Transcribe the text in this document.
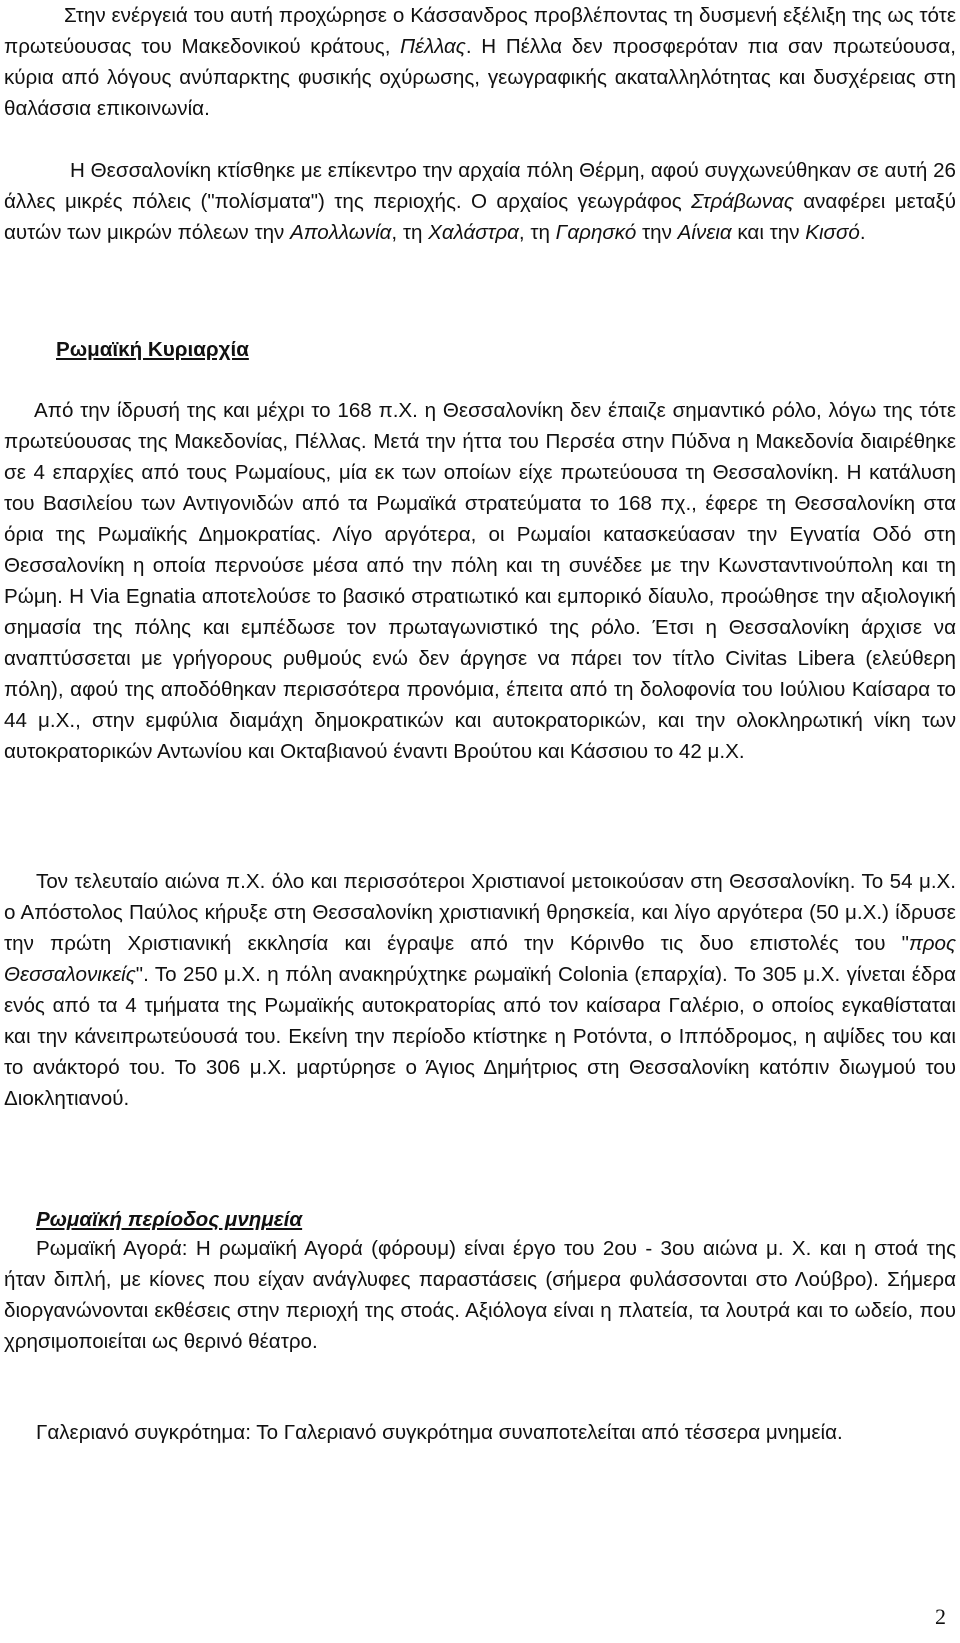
Στην ενέργειά του αυτή προχώρησε ο Κάσσανδρος προβλέποντας τη δυσμενή εξέλιξη της ως τότε πρωτεύουσας του Μακεδονικού κράτους, Πέλλας. Η Πέλλα δεν προσφερόταν πια σαν πρωτεύουσα, κύρια από λόγους ανύπαρκτης φυσικής οχύρωσης, γεωγραφικής ακαταλληλότητας και δυσχέρειας στη θαλάσσια επικοινωνία.

Η Θεσσαλονίκη κτίσθηκε με επίκεντρο την αρχαία πόλη Θέρμη, αφού συγχωνεύθηκαν σε αυτή 26 άλλες μικρές πόλεις ("πολίσματα") της περιοχής. Ο αρχαίος γεωγράφος Στράβωνας αναφέρει μεταξύ αυτών των μικρών πόλεων την Απολλωνία, τη Χαλάστρα, τη Γαρησκό την Αίνεια και την Κισσό.

Ρωμαϊκή Κυριαρχία

Από την ίδρυσή της και μέχρι το 168 π.Χ. η Θεσσαλονίκη δεν έπαιζε σημαντικό ρόλο, λόγω της τότε πρωτεύουσας της Μακεδονίας, Πέλλας. Μετά την ήττα του Περσέα στην Πύδνα η Μακεδονία διαιρέθηκε σε 4 επαρχίες από τους Ρωμαίους, μία εκ των οποίων είχε πρωτεύουσα τη Θεσσαλονίκη. Η κατάλυση του Βασιλείου των Αντιγονιδών από τα Ρωμαϊκά στρατεύματα το 168 πχ., έφερε τη Θεσσαλονίκη στα όρια της Ρωμαϊκής Δημοκρατίας. Λίγο αργότερα, οι Ρωμαίοι κατασκεύασαν την Εγνατία Οδό στη Θεσσαλονίκη η οποία περνούσε μέσα από την πόλη και τη συνέδεε με την Κωνσταντινούπολη και τη Ρώμη. Η Via Egnatia αποτελούσε το βασικό στρατιωτικό και εμπορικό δίαυλο, προώθησε την αξιολογική σημασία της πόλης και εμπέδωσε τον πρωταγωνιστικό της ρόλο. Έτσι η Θεσσαλονίκη άρχισε να αναπτύσσεται με γρήγορους ρυθμούς ενώ δεν άργησε να πάρει τον τίτλο Civitas Libera (ελεύθερη πόλη), αφού της αποδόθηκαν περισσότερα προνόμια, έπειτα από τη δολοφονία του Ιούλιου Καίσαρα το 44 μ.Χ., στην εμφύλια διαμάχη δημοκρατικών και αυτοκρατορικών, και την ολοκληρωτική νίκη των αυτοκρατορικών Αντωνίου και Οκταβιανού έναντι Βρούτου και Κάσσιου το 42 μ.Χ.

Τον τελευταίο αιώνα π.Χ. όλο και περισσότεροι Χριστιανοί μετοικούσαν στη Θεσσαλονίκη. Το 54 μ.Χ. ο Απόστολος Παύλος κήρυξε στη Θεσσαλονίκη χριστιανική θρησκεία, και λίγο αργότερα (50 μ.Χ.) ίδρυσε την πρώτη Χριστιανική εκκλησία και έγραψε από την Κόρινθο τις δυο επιστολές του "προς Θεσσαλονικείς". Το 250 μ.Χ. η πόλη ανακηρύχτηκε ρωμαϊκή Colonia (επαρχία). Το 305 μ.Χ. γίνεται έδρα ενός από τα 4 τμήματα της Ρωμαϊκής αυτοκρατορίας από τον καίσαρα Γαλέριο, ο οποίος εγκαθίσταται και την κάνειπρωτεύουσά του. Εκείνη την περίοδο κτίστηκε η Ροτόντα, ο Ιππόδρομος, η αψίδες του και το ανάκτορό του. Το 306 μ.Χ. μαρτύρησε ο Άγιος Δημήτριος στη Θεσσαλονίκη κατόπιν διωγμού του Διοκλητιανού.

Ρωμαϊκή περίοδος μνημεία

Ρωμαϊκή Αγορά: Η ρωμαϊκή Αγορά (φόρουμ) είναι έργο του 2ου - 3ου αιώνα μ. Χ. και η στοά της ήταν διπλή, με κίονες που είχαν ανάγλυφες παραστάσεις (σήμερα φυλάσσονται στο Λούβρο). Σήμερα διοργανώνονται εκθέσεις στην περιοχή της στοάς. Αξιόλογα είναι η πλατεία, τα λουτρά και το ωδείο, που χρησιμοποιείται ως θερινό θέατρο.

Γαλεριανό συγκρότημα: Το Γαλεριανό συγκρότημα συναποτελείται από τέσσερα μνημεία.

2
